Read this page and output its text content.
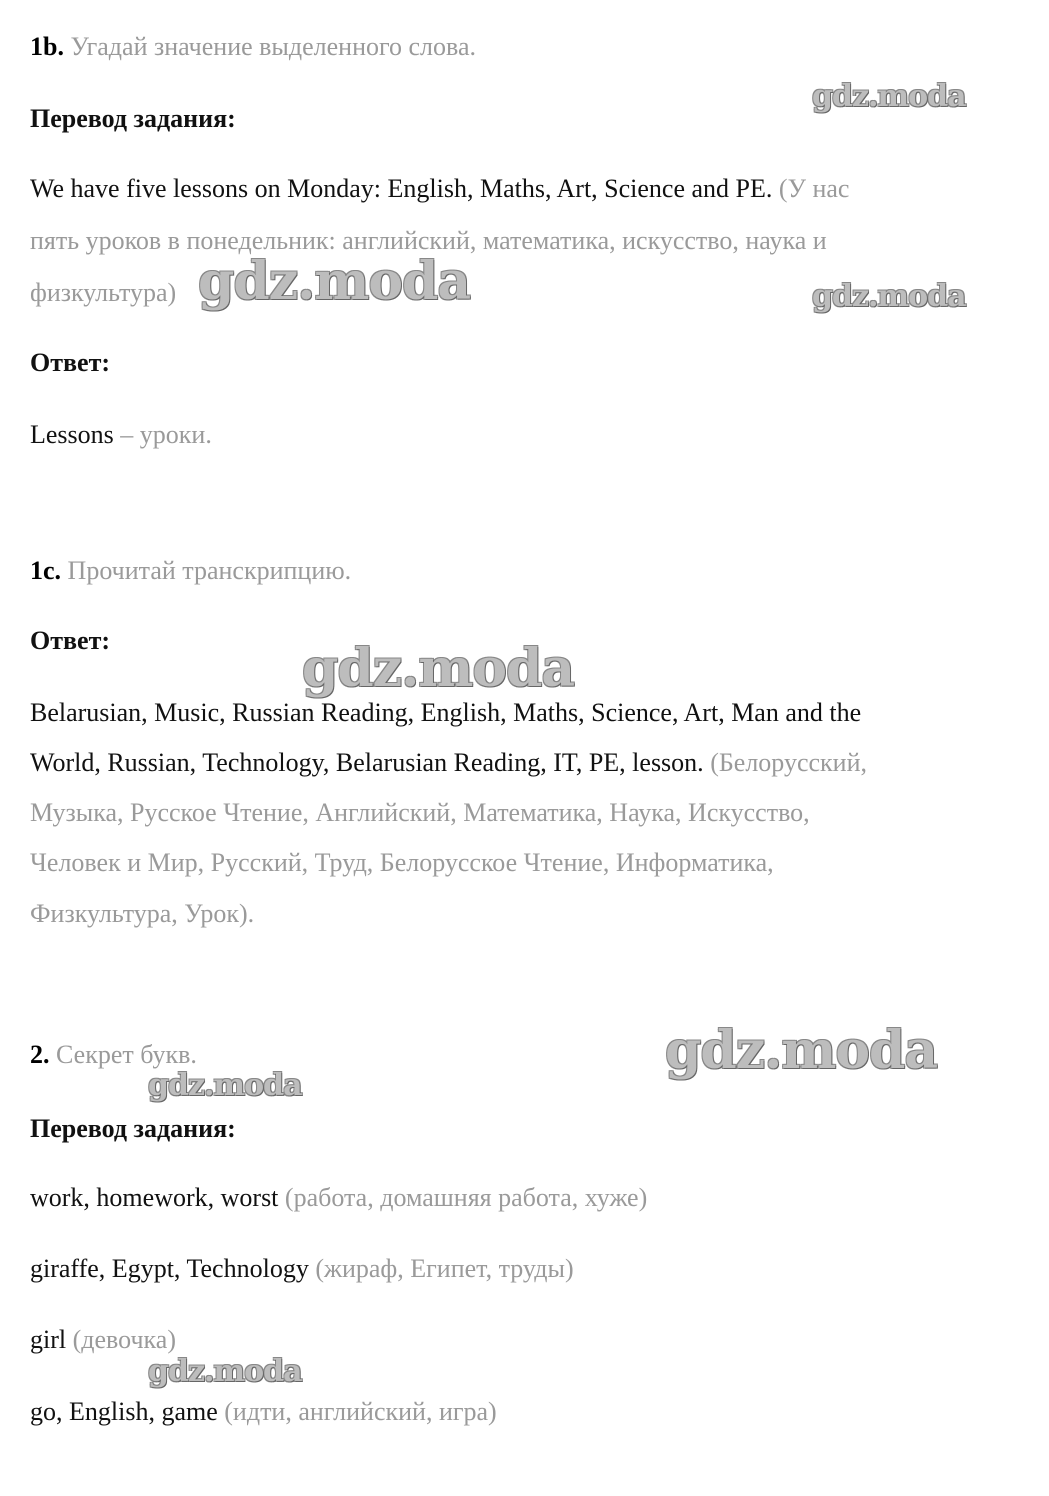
1b. Угадай значение выделенного слова.
Перевод задания:
We have five lessons on Monday: English, Maths, Art, Science and PE. (У нас
пять уроков в понедельник: английский, математика, искусство, наука и
физкультура)
Ответ:
Lessons – уроки.
1c. Прочитай транскрипцию.
Ответ:
Belarusian, Music, Russian Reading, English, Maths, Science, Art, Man and the
World, Russian, Technology, Belarusian Reading, IT, PE, lesson. (Белорусский,
Музыка, Русское Чтение, Английский, Математика, Наука, Искусство,
Человек и Мир, Русский, Труд, Белорусское Чтение, Информатика,
Физкультура, Урок).
2. Секрет букв.
Перевод задания:
work, homework, worst (работа, домашняя работа, хуже)
giraffe, Egypt, Technology (жираф, Египет, труды)
girl (девочка)
go, English, game (идти, английский, игра)
gdz.moda
gdz.moda	gdz.moda
gdz.moda
gdz.moda
gdz.moda
gdz.moda
